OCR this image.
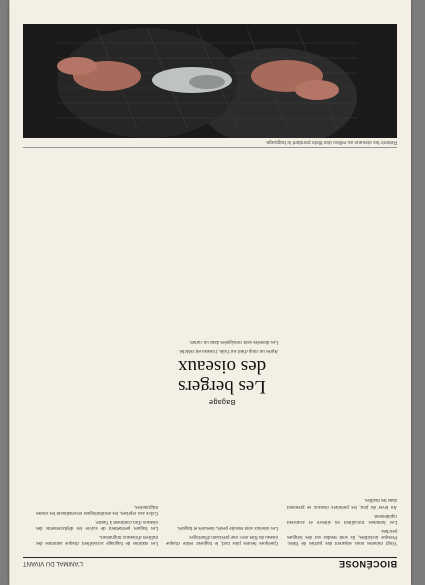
BIOCÉNOSE
L'ANIMAL DU VIVANT

Vingt minutes nous séparent des parties de filets. Presque invisibles, ils sont tendus sur des longues perches.

Les hommes travaillent en silence et avancent rapidement.

Au lever du jour, les premiers oiseaux se prennent dans les mailles.

Quelques heures plus tard, le bagueur retire chaque oiseau du filet avec une précision d'horloger.

Les oiseaux sont ensuite pesés, mesurés et bagués.

Bagage
Les bergers des oiseaux

Après un coup d'œil sur l'aile, l'oiseau est relâché.

Les données sont consignées dans un carnet.

Les stations de baguage accueillent chaque automne des milliers d'oiseaux migrateurs.

Les bagues permettent de suivre les déplacements des oiseaux d'un continent à l'autre.

Grâce aux reprises, les ornithologues reconstituent les routes migratoires.

Retenir les oiseaux au milieu des filets pendant le baguage.
